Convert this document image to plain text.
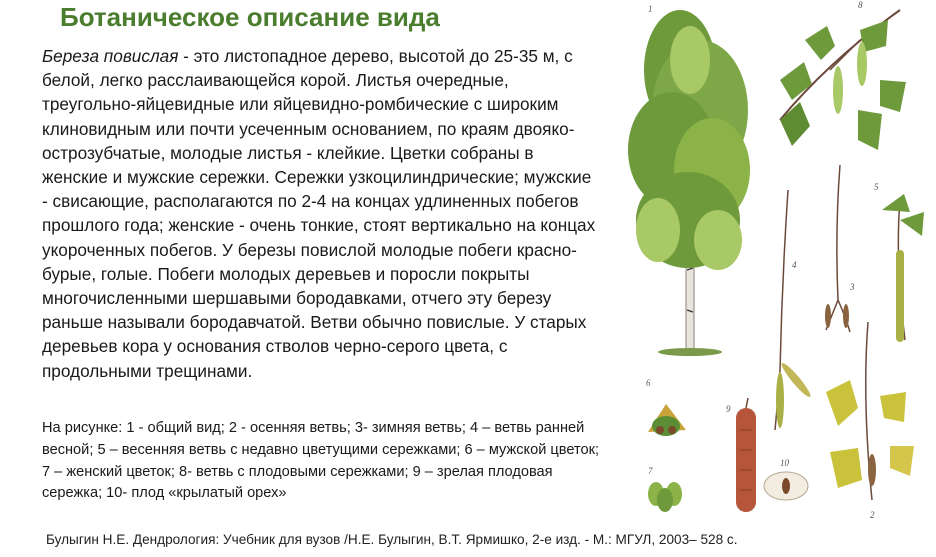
Ботаническое описание вида
Береза повислая - это листопадное дерево, высотой до 25-35 м, с белой, легко расслаивающейся корой. Листья очередные, треугольно-яйцевидные или яйцевидно-ромбические с широким клиновидным или почти усеченным основанием, по краям двояко-острозубчатые, молодые листья - клейкие. Цветки собраны в женские и мужские сережки. Сережки узкоцилиндрические; мужские - свисающие, располагаются по 2-4 на концах удлиненных побегов прошлого года; женские - очень тонкие, стоят вертикально на концах укороченных побегов. У березы повислой молодые побеги красно-бурые, голые. Побеги молодых деревьев и поросли покрыты многочисленными шершавыми бородавками, отчего эту березу раньше называли бородавчатой. Ветви обычно повислые. У старых деревьев кора у основания стволов черно-серого цвета, с продольными трещинами.
На рисунке: 1 - общий вид; 2 - осенняя ветвь; 3- зимняя ветвь; 4 – ветвь ранней весной; 5 – весенняя ветвь с недавно цветущими сережками; 6 – мужской цветок; 7 – женский цветок; 8- ветвь с плодовыми сережками; 9 – зрелая плодовая сережка; 10- плод «крылатый орех»
Булыгин Н.Е. Дендрология: Учебник для вузов /Н.Е. Булыгин, В.Т. Ярмишко, 2-е изд. - М.: МГУЛ, 2003– 528 с.
1	8
5
4
3
6
9
7
10
2
